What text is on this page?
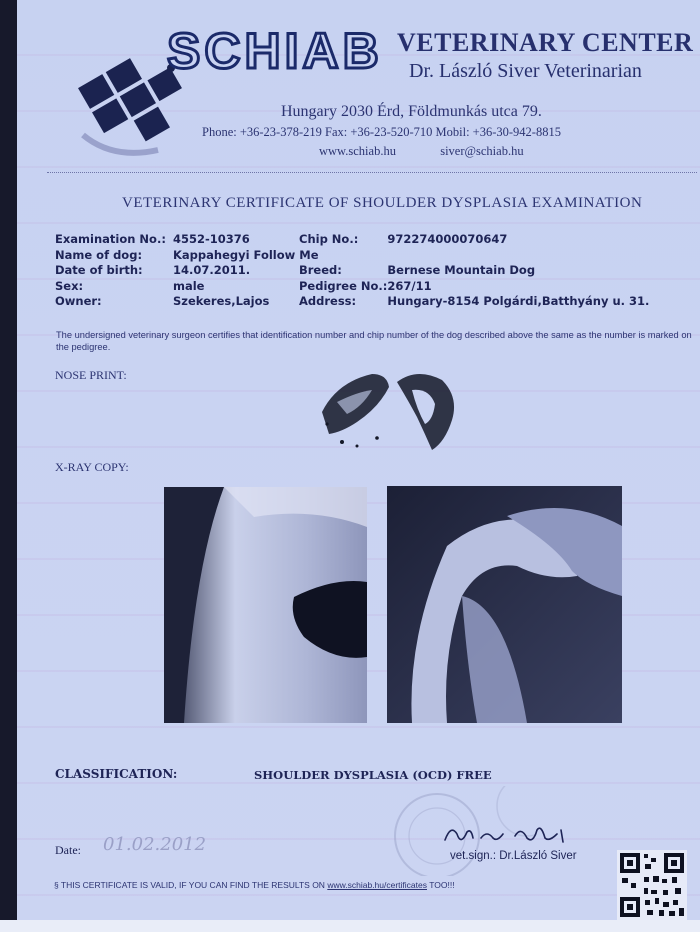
SCHIAB VETERINARY CENTER
Dr. László Siver Veterinarian
Hungary 2030 Érd, Földmunkás utca 79.
Phone: +36-23-378-219 Fax: +36-23-520-710 Mobil: +36-30-942-8815
www.schiab.hu	siver@schiab.hu
VETERINARY CERTIFICATE OF SHOULDER DYSPLASIA EXAMINATION
Examination No.:	4552-10376	Chip No.:	972274000070647
Name of dog:	Kappahegyi Follow Me		
Date of birth:	14.07.2011.	Breed:	Bernese Mountain Dog
Sex:	male	Pedigree No.:	267/11
Owner:	Szekeres,Lajos	Address:	Hungary-8154 Polgárdi,Batthyány u. 31.
The undersigned veterinary surgeon certifies that identification number and chip number of the dog described above the same as the number is marked on the pedigree.
NOSE PRINT:
X-RAY COPY:
CLASSIFICATION:	SHOULDER DYSPLASIA (OCD) FREE
Date: 01.02.2012
vet.sign.: Dr.László Siver
§ THIS CERTIFICATE IS VALID, IF YOU CAN FIND THE RESULTS ON www.schiab.hu/certificates TOO!!!
